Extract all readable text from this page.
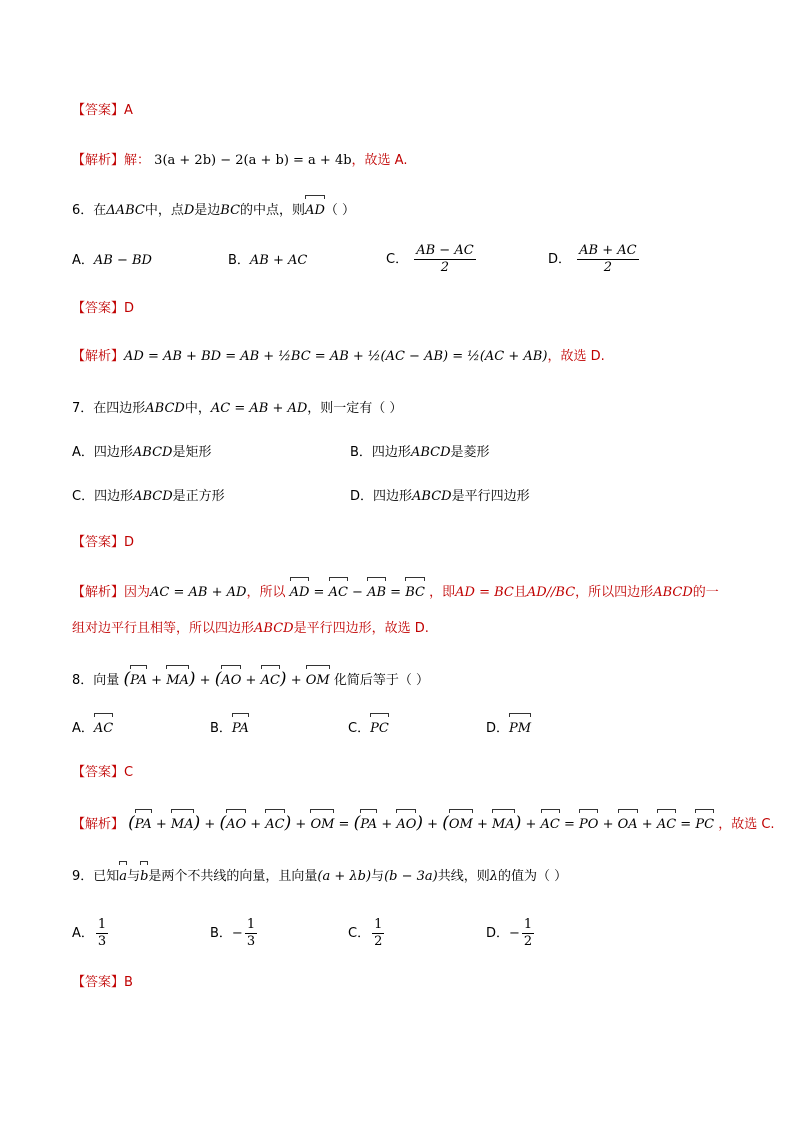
【答案】A
【解析】解： 3(a + 2b) − 2(a + b) = a + 4b，故选 A.
6．在ΔABC中，点D是边BC的中点，则AD（ ）
A．AB − BD	B．AB + AC	C． $\frac{AB - AC}{2}$	D． $\frac{AB + AC}{2}$
【答案】D
【解析】AD = AB + BD = AB + ½BC = AB + ½(AC − AB) = ½(AC + AB)，故选 D.
7．在四边形ABCD中，AC = AB + AD，则一定有（ ）
A．四边形ABCD是矩形	B．四边形ABCD是菱形
C．四边形ABCD是正方形	D．四边形ABCD是平行四边形
【答案】D
【解析】因为AC = AB + AD，所以 AD = AC − AB = BC ，即AD = BC且AD//BC，所以四边形ABCD的一
组对边平行且相等，所以四边形ABCD是平行四边形，故选 D.
8．向量 (PA + MA) + (AO + AC) + OM 化简后等于（ ）
A．AC	B．PA	C．PC	D．PM
【答案】C
【解析】 (PA + MA) + (AO + AC) + OM = (PA + AO) + (OM + MA) + AC = PO + OA + AC = PC ，故选 C.
9．已知a与b是两个不共线的向量，且向量(a + λb)与(b − 3a)共线，则λ的值为（ ）
A． $\frac{1}{3}$	B．− $\frac{1}{3}$	C． $\frac{1}{2}$	D．− $\frac{1}{2}$
【答案】B
